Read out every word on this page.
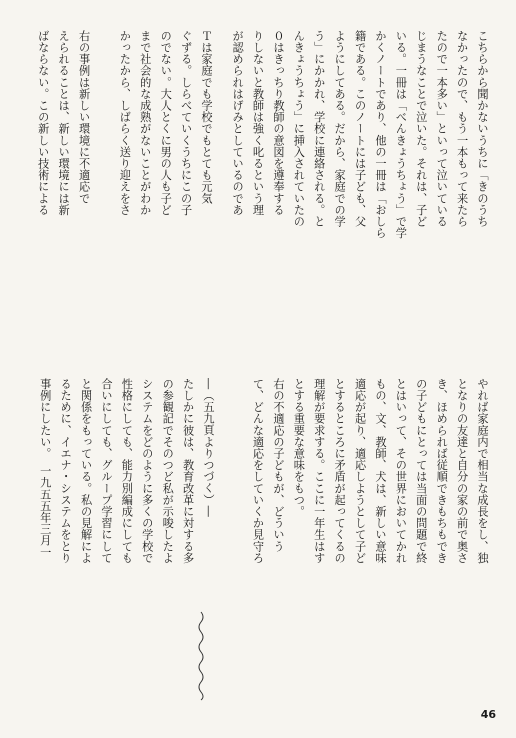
こちらから聞かないうちに「きのうち
なかったので、もう一本もって来たら
たので一本多い」といって泣いている
じまうなことで泣いた。それは、子ど
いる。一冊は「べんきょうちょう」で学
かくノートであり、他の一冊は「おしら
籍である。このノートには子ども、父
ようにしてある。だから、家庭での学
う」にかかれ、学校に連絡される。と
んきょうちょう」に挿入されていたの
０はきっちり教師の意図を遵奉する
りしないと教師は強く叱るという理
が認められはげみとしているのであ
Ｔは家庭でも学校でもとても元気
ぐずる。しらべていくうちにこの子
のでない。大人とくに男の人も子ど
まで社会的な成熟がないことがわか
かったから、しばらく送り迎えをさ

右の事例は新しい環境に不適応で
えられることは、新しい環境には新
ばならない。この新しい技術による
やれば家庭内で相当な成長をし、独
となりの友達と自分の家の前で奥さ
き、ほめられば従順できもちもでき
の子どもにとっては当面の問題で終
とはいって、その世界においてかれ
もの、文、教師、犬は、新しい意味
適応が起り、適応しようとして子ど
とするところに矛盾が起ってくるの
理解が要求する。ここに一年生はす
とする重要な意味をもつ。
右の不適応の子どもが、どういう
て、どんな適応をしていくか見守ろ
―（五九頁よりつづく）―
たしかに彼は、教育改革に対する多
の参観記でそのつど私が示唆したよ
システムをどのように多くの学校で
性格にしても、能力別編成にしても
合いにしても、グループ学習にして
と関係をもっている。私の見解によ
るために、イエナ・システムをとり
事例にしたい。　一九五五年三月一
46
